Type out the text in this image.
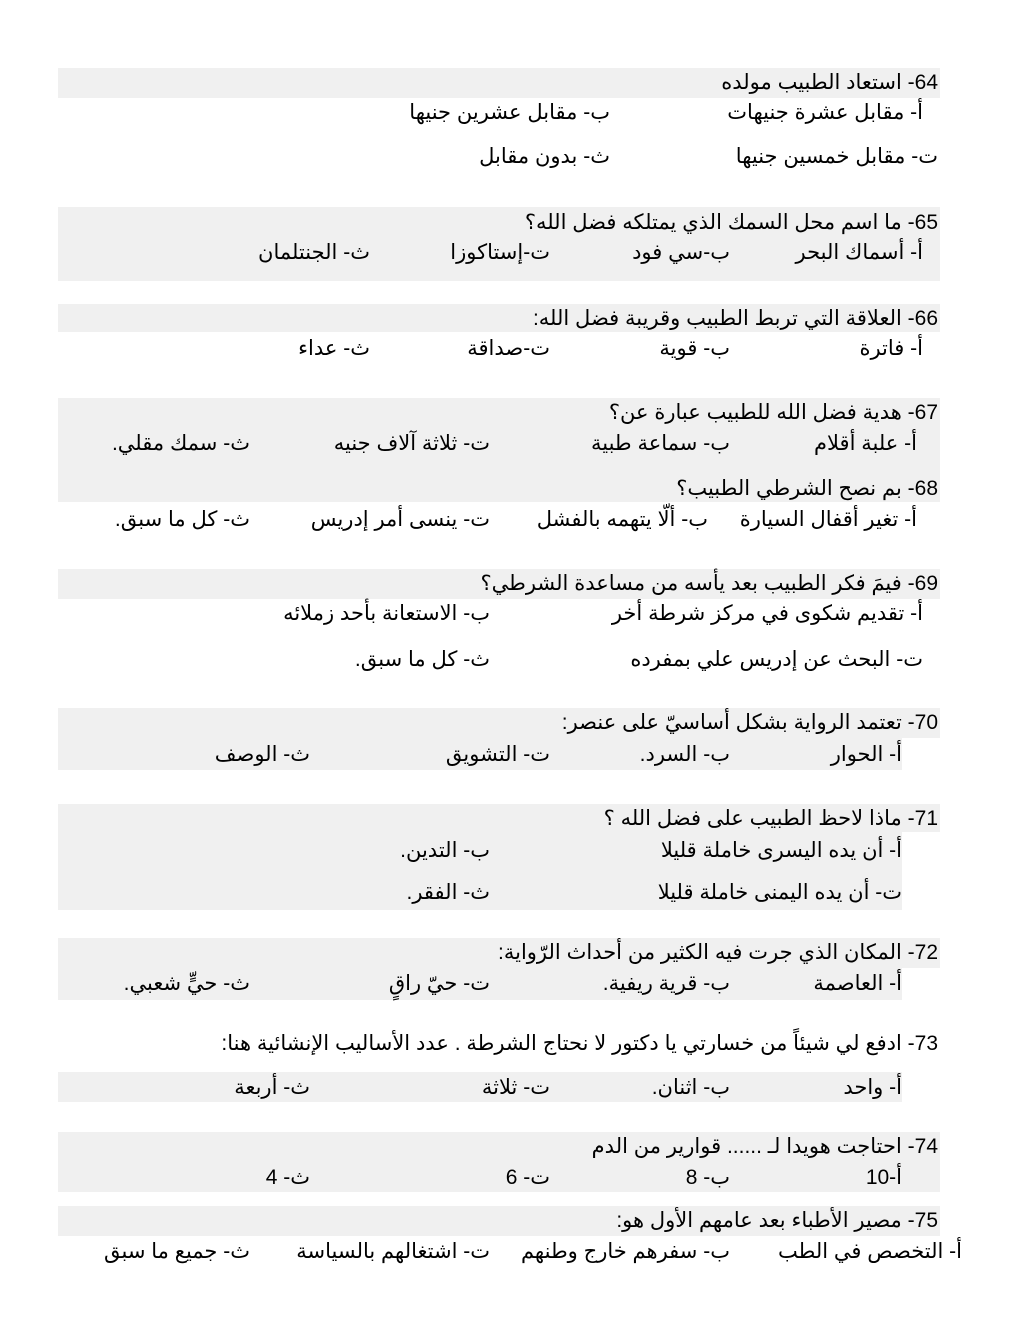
64- استعاد الطبيب مولده
أ- مقابل عشرة جنيهات
ب- مقابل عشرين جنيها
ت- مقابل خمسين جنيها
ث- بدون مقابل
65- ما اسم محل السمك الذي يمتلكه فضل الله؟
أ- أسماك البحر
ب-سي فود
ت-إستاكوزا
ث- الجنتلمان
66- العلاقة التي تربط الطبيب وقريبة فضل الله:
أ- فاترة
ب- قوية
ت-صداقة
ث- عداء
67- هدية فضل الله للطبيب عبارة عن؟
أ- علبة أقلام
ب- سماعة طبية
ت- ثلاثة آلاف جنيه
ث- سمك مقلي.
68- بم نصح الشرطي الطبيب؟
أ- تغير أقفال السيارة
ب- ألّا يتهمه بالفشل
ت- ينسى أمر إدريس
ث- كل ما سبق.
69- فيمَ فكر الطبيب بعد يأسه من مساعدة الشرطي؟
أ- تقديم شكوى في مركز شرطة أخر
ب- الاستعانة بأحد زملائه
ت- البحث عن إدريس علي بمفرده
ث- كل ما سبق.
70- تعتمد الرواية بشكل أساسيّ على عنصر:
أ- الحوار
ب- السرد.
ت- التشويق
ث- الوصف
71- ماذا لاحظ الطبيب على فضل الله ؟
أ- أن يده اليسرى خاملة قليلا
ب- التدين.
ت- أن يده اليمنى خاملة قليلا
ث- الفقر.
72- المكان الذي جرت فيه الكثير من أحداث الرّواية:
أ- العاصمة
ب- قرية ريفية.
ت- حيّ راقٍ
ث- حيٍّ شعبي.
73- ادفع لي شيئاً من خسارتي يا دكتور لا نحتاج الشرطة . عدد الأساليب الإنشائية هنا:
أ- واحد
ب- اثنان.
ت- ثلاثة
ث- أربعة
74- احتاجت هويدا لـ ...... قوارير من الدم
أ-10
ب- 8
ت- 6
ث- 4
75- مصير الأطباء بعد عامهم الأول هو:
أ- التخصص في الطب
ب- سفرهم خارج وطنهم
ت- اشتغالهم بالسياسة
ث- جميع ما سبق
